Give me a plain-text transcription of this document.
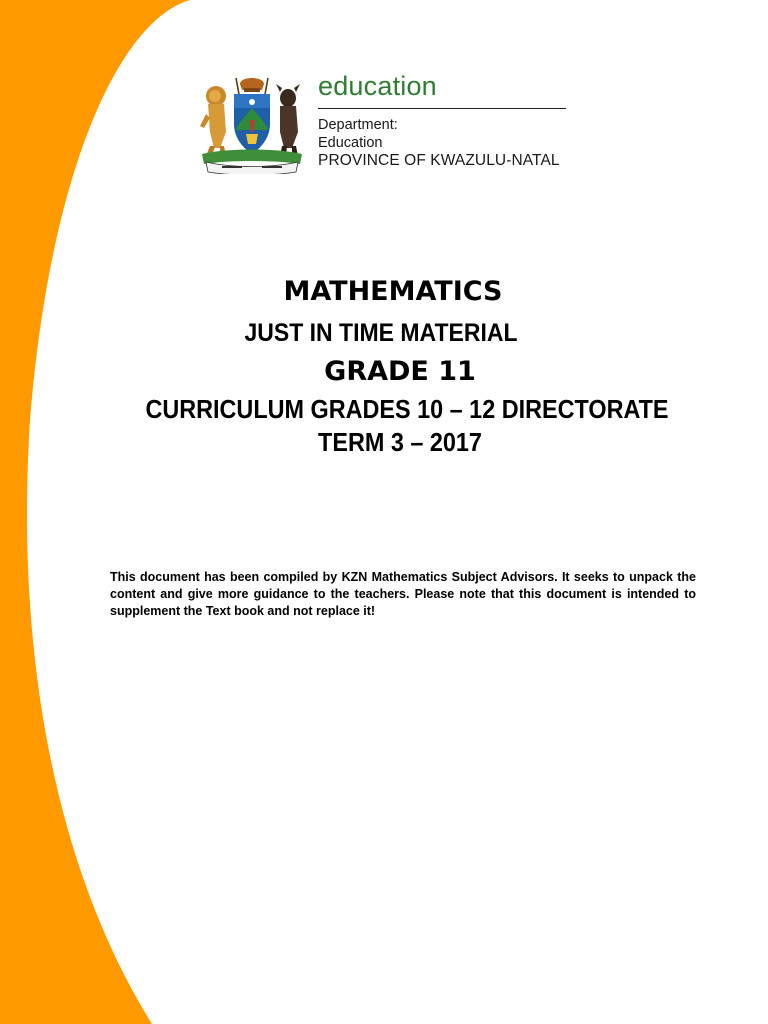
education
Department:
Education
PROVINCE OF KWAZULU-NATAL
MATHEMATICS
JUST IN TIME MATERIAL
GRADE 11
CURRICULUM GRADES 10 – 12 DIRECTORATE
TERM 3 – 2017
This document has been compiled by KZN Mathematics Subject Advisors. It seeks to unpack the content and give more guidance to the teachers. Please note that this document is intended to supplement the Text book and not replace it!
